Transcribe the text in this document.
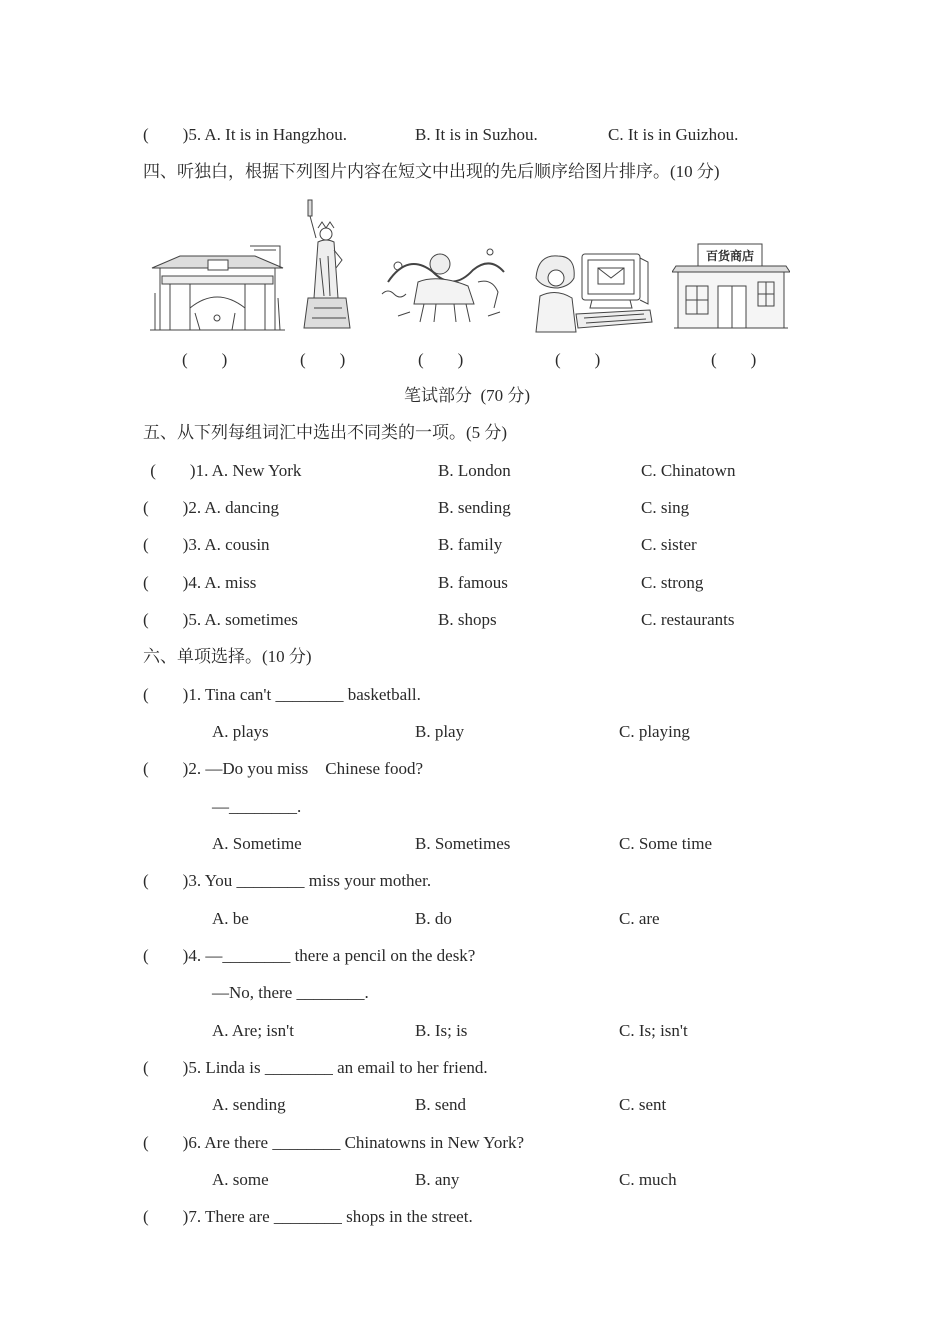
(        )5. A. It is in Hangzhou.	B. It is in Suzhou.	C. It is in Guizhou.
四、听独白，根据下列图片内容在短文中出现的先后顺序给图片排序。(10 分)
百货商店
(        )	(        )	(        )	(        )	(        )
笔试部分  (70 分)
五、从下列每组词汇中选出不同类的一项。(5 分)
(        )1. A. New York	B. London	C. Chinatown
(        )2. A. dancing	B. sending	C. sing
(        )3. A. cousin	B. family	C. sister
(        )4. A. miss	B. famous	C. strong
(        )5. A. sometimes	B. shops	C. restaurants
六、单项选择。(10 分)
(        )1. Tina can't ________ basketball.
A. plays	B. play	C. playing
(        )2. —Do you miss    Chinese food?
—________.
A. Sometime	B. Sometimes	C. Some time
(        )3. You ________ miss your mother.
A. be	B. do	C. are
(        )4. —________ there a pencil on the desk?
—No, there ________.
A. Are; isn't	B. Is; is	C. Is; isn't
(        )5. Linda is ________ an email to her friend.
A. sending	B. send	C. sent
(        )6. Are there ________ Chinatowns in New York?
A. some	B. any	C. much
(        )7. There are ________ shops in the street.
